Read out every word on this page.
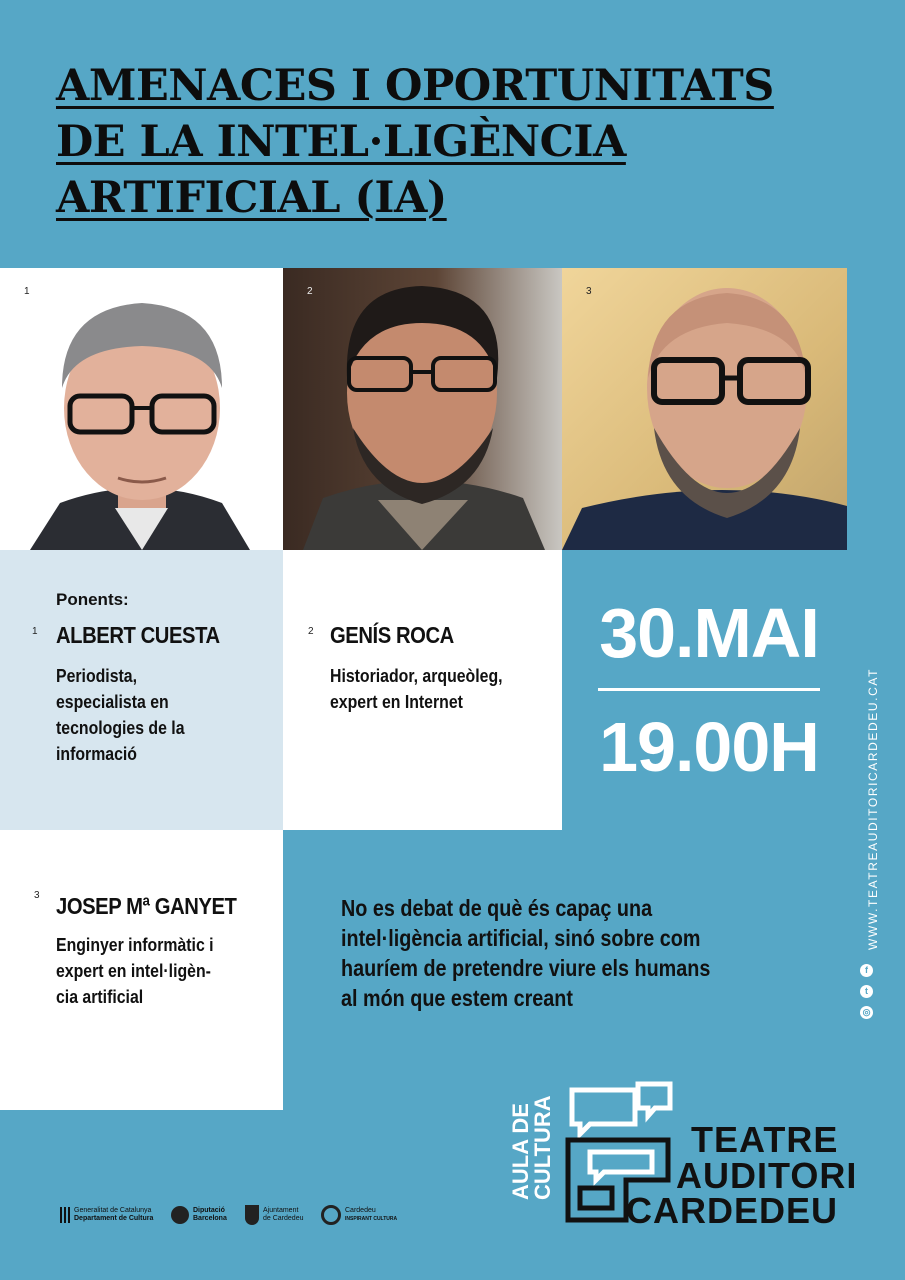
AMENACES I OPORTUNITATS
DE LA INTEL·LIGÈNCIA
ARTIFICIAL (IA)
1	2	3
Ponents:
1 ALBERT CUESTA
Periodista,
especialista en
tecnologies de la
informació
2 GENÍS ROCA
Historiador, arqueòleg,
expert en Internet
3 JOSEP Mª GANYET
Enginyer informàtic i
expert en intel·ligèn-
cia artificial
30.MAI
19.00H	WWW.TEATREAUDITORICARDEDEU.CAT
f
t
◎
No es debat de què és capaç una
intel·ligència artificial, sinó sobre com
hauríem de pretendre viure els humans
al món que estem creant
Generalitat de Catalunya
Departament de Cultura
Diputació
Barcelona
Ajuntament
de Cardedeu
Cardedeu
INSPIRANT CULTURA
AULA DE
CULTURA	TEATRE
AUDITORI
CARDEDEU
